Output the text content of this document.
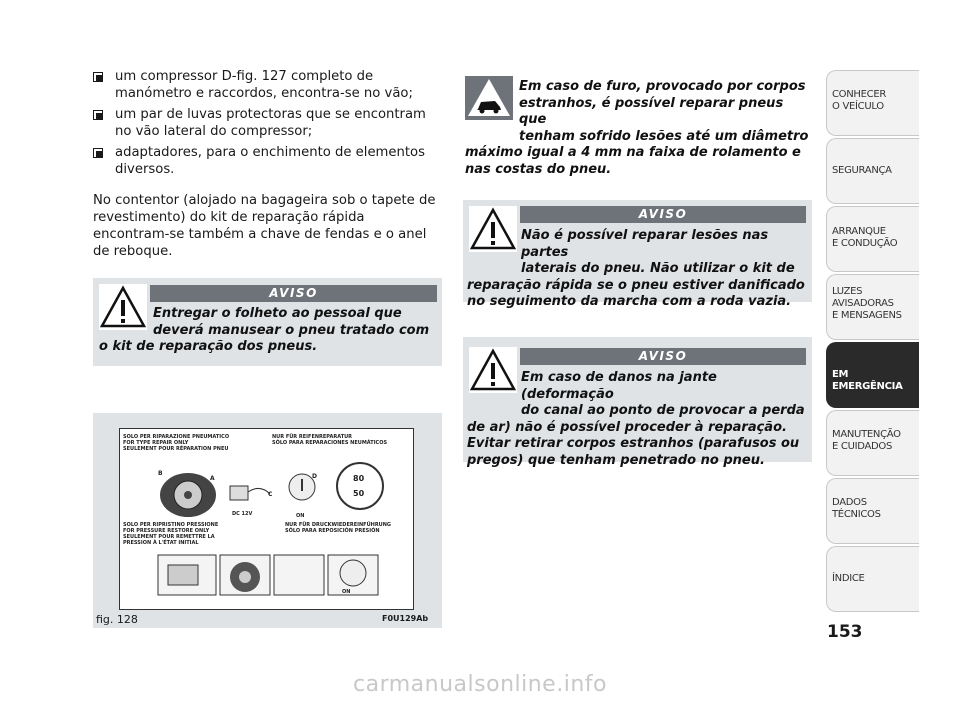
um compressor D-fig. 127 completo de manómetro e raccordos, encontra-se no vão;
um par de luvas protectoras que se encontram no vão lateral do compressor;
adaptadores, para o enchimento de elementos diversos.
No contentor (alojado na bagageira sob o tapete de revestimento) do kit de reparação rápida encontram-se também a chave de fendas e o anel de reboque.
AVISO
Entregar o folheto ao pessoal que
deverá manusear o pneu tratado com
o kit de reparação dos pneus.
Em caso de furo, provocado por corpos
estranhos, é possível reparar pneus que
tenham sofrido lesões até um diâmetro
máximo igual a 4 mm na faixa de rolamento e nas costas do pneu.
AVISO
Não é possível reparar lesões nas partes
laterais do pneu. Não utilizar o kit de
reparação rápida se o pneu estiver danificado no seguimento da marcha com a roda vazia.
AVISO
Em caso de danos na jante (deformação
do canal ao ponto de provocar a perda
de ar) não é possível proceder à reparação. Evitar retirar corpos estranhos (parafusos ou pregos) que tenham penetrado no pneu.
SOLO PER RIPARAZIONE PNEUMATICO
FOR TYPE REPAIR ONLY
SEULEMENT POUR RÉPARATION PNEU
NUR FÜR REIFENREPARATUR
SÓLO PARA REPARACIONES NEUMÁTICOS
80
50
B
A
C
D
DC 12V	ON
SOLO PER RIPRISTINO PRESSIONE
FOR PRESSURE RESTORE ONLY
SEULEMENT POUR REMETTRE LA
PRESSION À L'ÉTAT INITIAL
NUR FÜR DRUCKWIEDEREINFÜHRUNG
SÓLO PARA REPOSICIÓN PRESIÓN
ON
fig. 128	F0U129Ab
CONHECER
O VEÍCULO
SEGURANÇA
ARRANQUE
E CONDUÇÃO
LUZES
AVISADORAS
E MENSAGENS
EM EMERGÊNCIA
MANUTENÇÃO
E CUIDADOS
DADOS
TÉCNICOS
ÍNDICE
153
carmanualsonline.info
